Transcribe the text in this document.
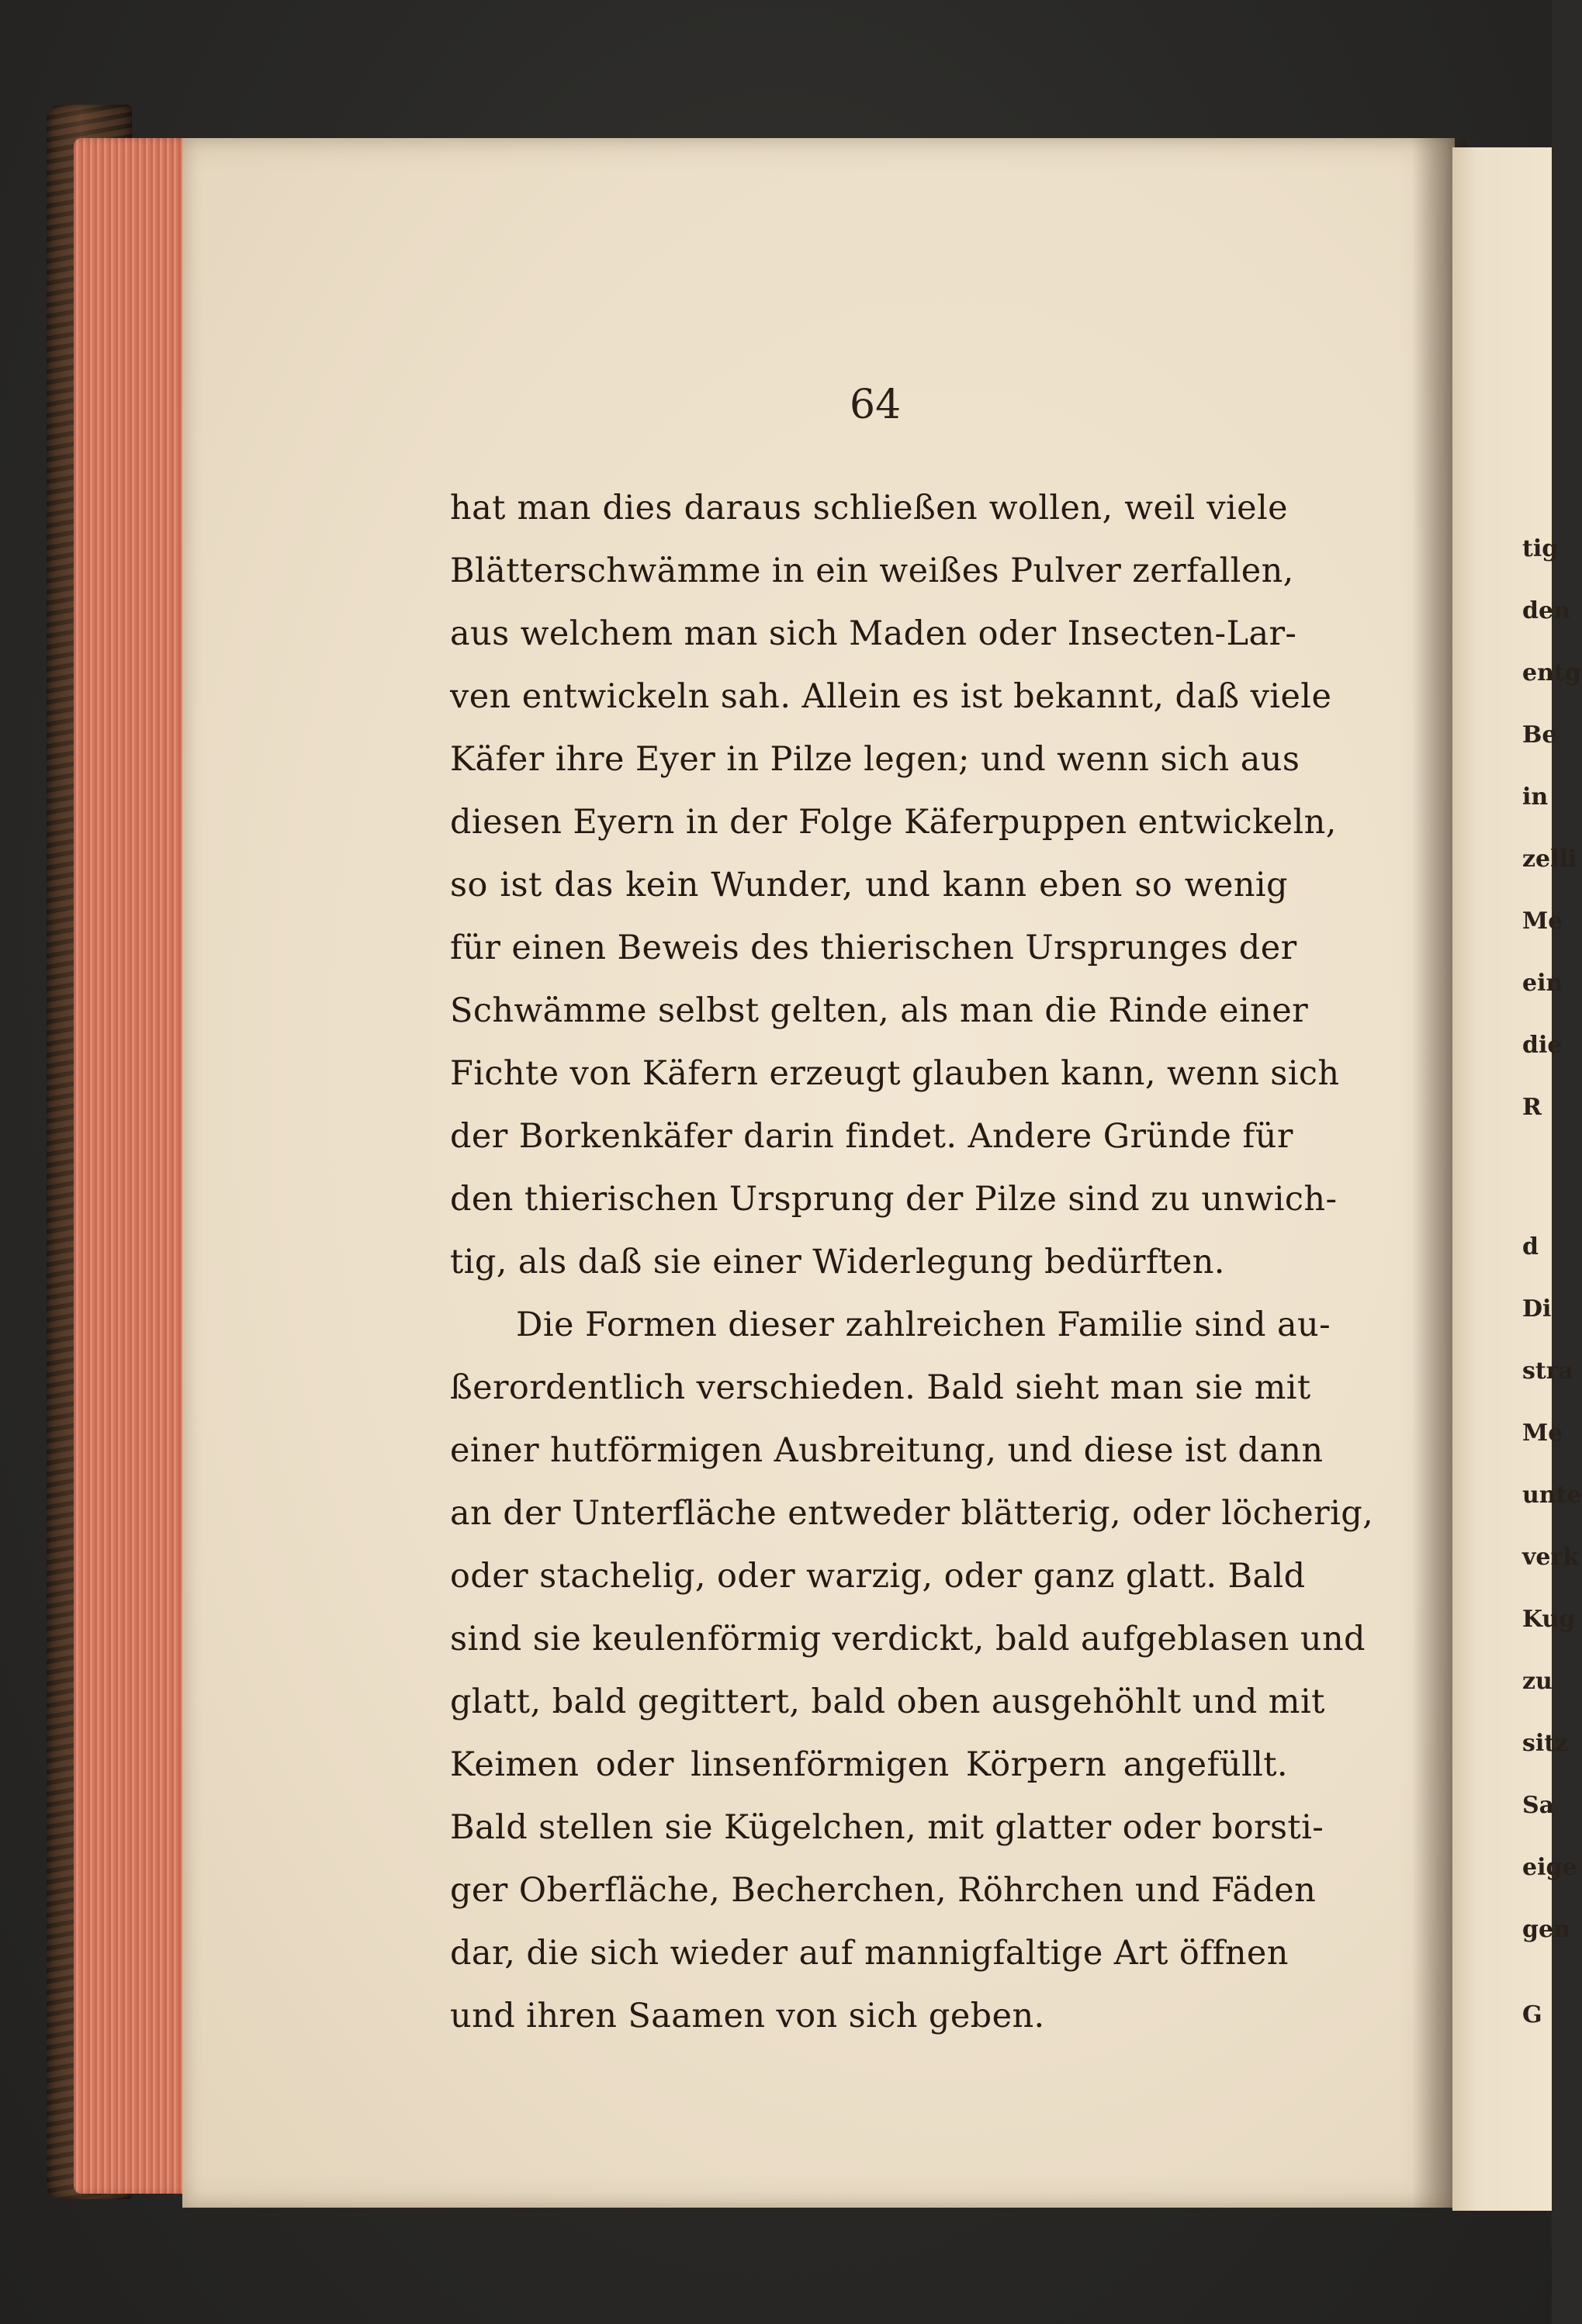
64
hat man dies daraus schließen wollen, weil viele
Blätterschwämme in ein weißes Pulver zerfallen,
aus welchem man sich Maden oder Insecten-Lar-
ven entwickeln sah. Allein es ist bekannt, daß viele
Käfer ihre Eyer in Pilze legen; und wenn sich aus
diesen Eyern in der Folge Käferpuppen entwickeln,
so ist das kein Wunder, und kann eben so wenig
für einen Beweis des thierischen Ursprunges der
Schwämme selbst gelten, als man die Rinde einer
Fichte von Käfern erzeugt glauben kann, wenn sich
der Borkenkäfer darin findet. Andere Gründe für
den thierischen Ursprung der Pilze sind zu unwich-
tig, als daß sie einer Widerlegung bedürften.
Die Formen dieser zahlreichen Familie sind au-
ßerordentlich verschieden. Bald sieht man sie mit
einer hutförmigen Ausbreitung, und diese ist dann
an der Unterfläche entweder blätterig, oder löcherig,
oder stachelig, oder warzig, oder ganz glatt. Bald
sind sie keulenförmig verdickt, bald aufgeblasen und
glatt, bald gegittert, bald oben ausgehöhlt und mit
Keimen oder linsenförmigen Körpern angefüllt.
Bald stellen sie Kügelchen, mit glatter oder borsti-
ger Oberfläche, Becherchen, Röhrchen und Fäden
dar, die sich wieder auf mannigfaltige Art öffnen
und ihren Saamen von sich geben.
tig
den
entg
Be
in
zelli
Me
ein
die
R
d
Di
stra
Me
unte
verk
Kug
zu
sitz
Sa
eige
gen
G
